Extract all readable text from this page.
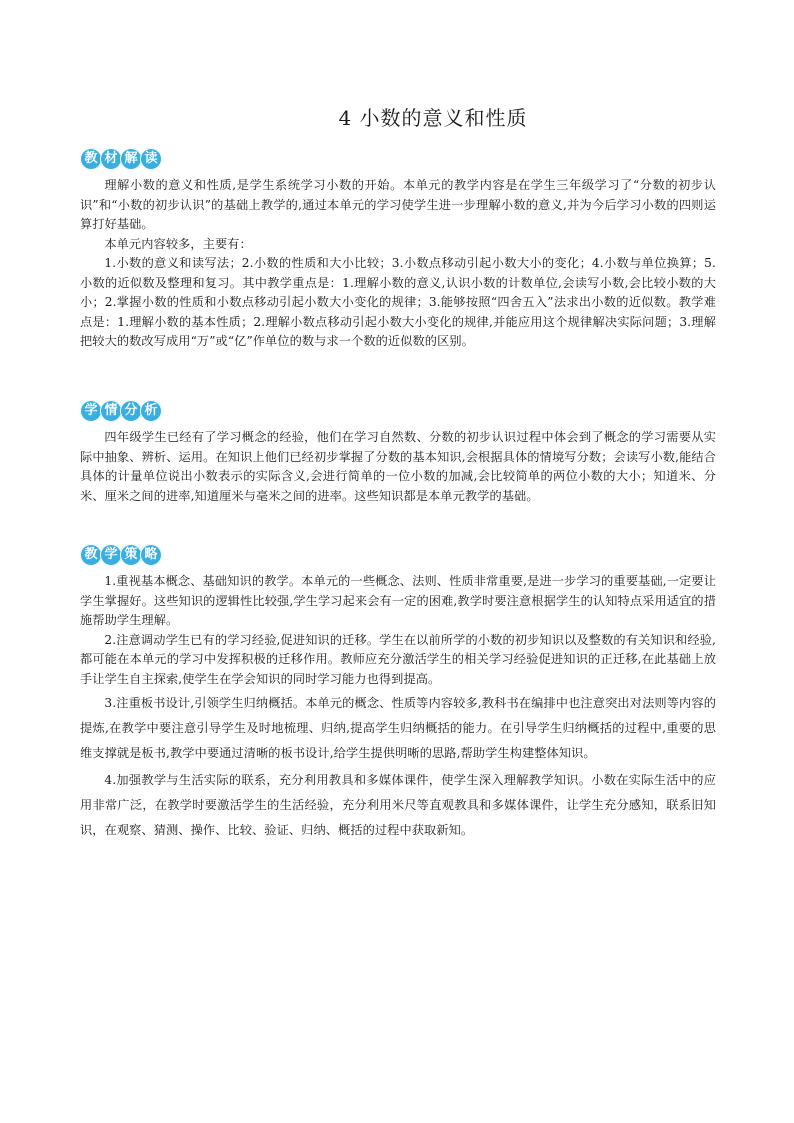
4 小数的意义和性质
教 材 解 读

理解小数的意义和性质,是学生系统学习小数的开始。本单元的教学内容是在学生三年级学习了“分数的初步认识”和“小数的初步认识”的基础上教学的,通过本单元的学习使学生进一步理解小数的意义,并为今后学习小数的四则运算打好基础。

本单元内容较多，主要有：

1.小数的意义和读写法；2.小数的性质和大小比较；3.小数点移动引起小数大小的变化；4.小数与单位换算；5.小数的近似数及整理和复习。其中教学重点是：1.理解小数的意义,认识小数的计数单位,会读写小数,会比较小数的大小；2.掌握小数的性质和小数点移动引起小数大小变化的规律；3.能够按照“四舍五入”法求出小数的近似数。教学难点是：1.理解小数的基本性质；2.理解小数点移动引起小数大小变化的规律,并能应用这个规律解决实际问题；3.理解把较大的数改写成用“万”或“亿”作单位的数与求一个数的近似数的区别。

学 情 分 析

四年级学生已经有了学习概念的经验，他们在学习自然数、分数的初步认识过程中体会到了概念的学习需要从实际中抽象、辨析、运用。在知识上他们已经初步掌握了分数的基本知识,会根据具体的情境写分数；会读写小数,能结合具体的计量单位说出小数表示的实际含义,会进行简单的一位小数的加减,会比较简单的两位小数的大小；知道米、分米、厘米之间的进率,知道厘米与毫米之间的进率。这些知识都是本单元教学的基础。

教 学 策 略

1.重视基本概念、基础知识的教学。本单元的一些概念、法则、性质非常重要,是进一步学习的重要基础,一定要让学生掌握好。这些知识的逻辑性比较强,学生学习起来会有一定的困难,教学时要注意根据学生的认知特点采用适宜的措施帮助学生理解。

2.注意调动学生已有的学习经验,促进知识的迁移。学生在以前所学的小数的初步知识以及整数的有关知识和经验,都可能在本单元的学习中发挥积极的迁移作用。教师应充分激活学生的相关学习经验促进知识的正迁移,在此基础上放手让学生自主探索,使学生在学会知识的同时学习能力也得到提高。

3.注重板书设计,引领学生归纳概括。本单元的概念、性质等内容较多,教科书在编排中也注意突出对法则等内容的提炼,在教学中要注意引导学生及时地梳理、归纳,提高学生归纳概括的能力。在引导学生归纳概括的过程中,重要的思维支撑就是板书,教学中要通过清晰的板书设计,给学生提供明晰的思路,帮助学生构建整体知识。

4.加强教学与生活实际的联系，充分利用教具和多媒体课件，使学生深入理解教学知识。小数在实际生活中的应用非常广泛，在教学时要激活学生的生活经验，充分利用米尺等直观教具和多媒体课件，让学生充分感知，联系旧知识，在观察、猜测、操作、比较、验证、归纳、概括的过程中获取新知。
